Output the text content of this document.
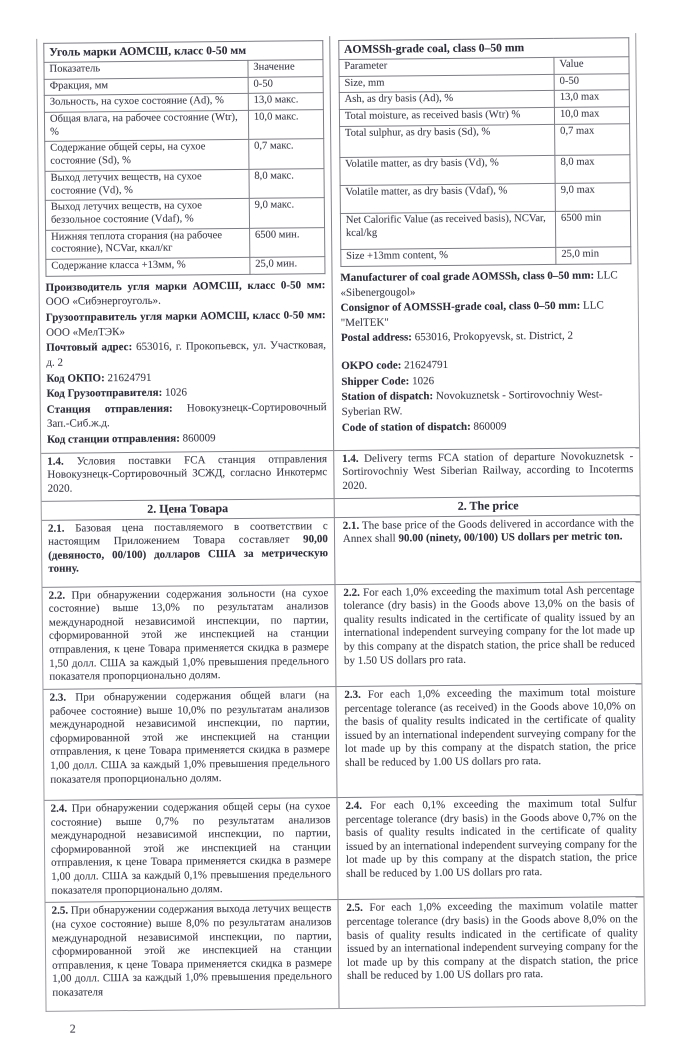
Уголь марки АОМСШ, класс 0-50 мм	
Показатель	Значение
Фракция, мм	0-50
Зольность, на сухое состояние (Ad), %	13,0 макс.
Общая влага, на рабочее состояние (Wtr), %	10,0 макс.
Содержание общей серы, на сухое состояние (Sd), %	0,7 макс.
Выход летучих веществ, на сухое состояние (Vd), %	8,0 макс.
Выход летучих веществ, на сухое беззольное состояние (Vdaf), %	9,0 макс.
Нижняя теплота сгорания (на рабочее состояние), NCVar, ккал/кг	6500 мин.
Содержание класса +13мм, %	25,0 мин.

Производитель угля марки АОМСШ, класс 0-50 мм: ООО «Сибэнергоуголь».

Грузоотправитель угля марки АОМСШ, класс 0-50 мм: ООО «МелТЭК»

Почтовый адрес: 653016, г. Прокопьевск, ул. Участковая, д. 2

Код ОКПО: 21624791

Код Грузоотправителя: 1026

Станция отправления: Новокузнецк-Сортировочный Зап.-Сиб.ж.д.

Код станции отправления: 860009

AOMSSh-grade coal, class 0–50 mm	
Parameter	Value
Size, mm	0-50
Ash, as dry basis (Ad), %	13,0 max
Total moisture, as received basis (Wtr) %	10,0 max
Total sulphur, as dry basis (Sd), %	0,7 max
Volatile matter, as dry basis (Vd), %	8,0 max
Volatile matter, as dry basis (Vdaf), %	9,0 max
Net Calorific Value (as received basis), NCVar, kcal/kg	6500 min
Size +13mm content, %	25,0 min

Manufacturer of coal grade AOMSSh, class 0–50 mm: LLC «Sibenergougol»

Consignor of AOMSSH-grade coal, class 0–50 mm: LLC "MelTEK"

Postal address: 653016, Prokopyevsk, st. District, 2

OKPO code: 21624791

Shipper Code: 1026

Station of dispatch: Novokuznetsk - Sortirovochniy West-Syberian RW.

Code of station of dispatch: 860009

1.4. Условия поставки FCA станция отправления Новокузнецк-Сортировочный ЗСЖД, согласно Инкотермс 2020.
1.4. Delivery terms FCA station of departure Novokuznetsk - Sortirovochniy West Siberian Railway, according to Incoterms 2020.
2. Цена Товара	2. The price
2.1. Базовая цена поставляемого в соответствии с настоящим Приложением Товара составляет 90,00 (девяносто, 00/100) долларов США за метрическую тонну.
2.1. The base price of the Goods delivered in accordance with the Annex shall 90.00 (ninety, 00/100) US dollars per metric ton.
2.2. При обнаружении содержания зольности (на сухое состояние) выше 13,0% по результатам анализов международной независимой инспекции, по партии, сформированной этой же инспекцией на станции отправления, к цене Товара применяется скидка в размере 1,50 долл. США за каждый 1,0% превышения предельного показателя пропорционально долям.
2.2. For each 1,0% exceeding the maximum total Ash percentage tolerance (dry basis) in the Goods above 13,0% on the basis of quality results indicated in the certificate of quality issued by an international independent surveying company for the lot made up by this company at the dispatch station, the price shall be reduced by 1.50 US dollars pro rata.
2.3. При обнаружении содержания общей влаги (на рабочее состояние) выше 10,0% по результатам анализов международной независимой инспекции, по партии, сформированной этой же инспекцией на станции отправления, к цене Товара применяется скидка в размере 1,00 долл. США за каждый 1,0% превышения предельного показателя пропорционально долям.
2.3. For each 1,0% exceeding the maximum total moisture percentage tolerance (as received) in the Goods above 10,0% on the basis of quality results indicated in the certificate of quality issued by an international independent surveying company for the lot made up by this company at the dispatch station, the price shall be reduced by 1.00 US dollars pro rata.
2.4. При обнаружении содержания общей серы (на сухое состояние) выше 0,7% по результатам анализов международной независимой инспекции, по партии, сформированной этой же инспекцией на станции отправления, к цене Товара применяется скидка в размере 1,00 долл. США за каждый 0,1% превышения предельного показателя пропорционально долям.
2.4. For each 0,1% exceeding the maximum total Sulfur percentage tolerance (dry basis) in the Goods above 0,7% on the basis of quality results indicated in the certificate of quality issued by an international independent surveying company for the lot made up by this company at the dispatch station, the price shall be reduced by 1.00 US dollars pro rata.
2.5. При обнаружении содержания выхода летучих веществ (на сухое состояние) выше 8,0% по результатам анализов международной независимой инспекции, по партии, сформированной этой же инспекцией на станции отправления, к цене Товара применяется скидка в размере 1,00 долл. США за каждый 1,0% превышения предельного показателя
2.5. For each 1,0% exceeding the maximum volatile matter percentage tolerance (dry basis) in the Goods above 8,0% on the basis of quality results indicated in the certificate of quality issued by an international independent surveying company for the lot made up by this company at the dispatch station, the price shall be reduced by 1.00 US dollars pro rata.
2
